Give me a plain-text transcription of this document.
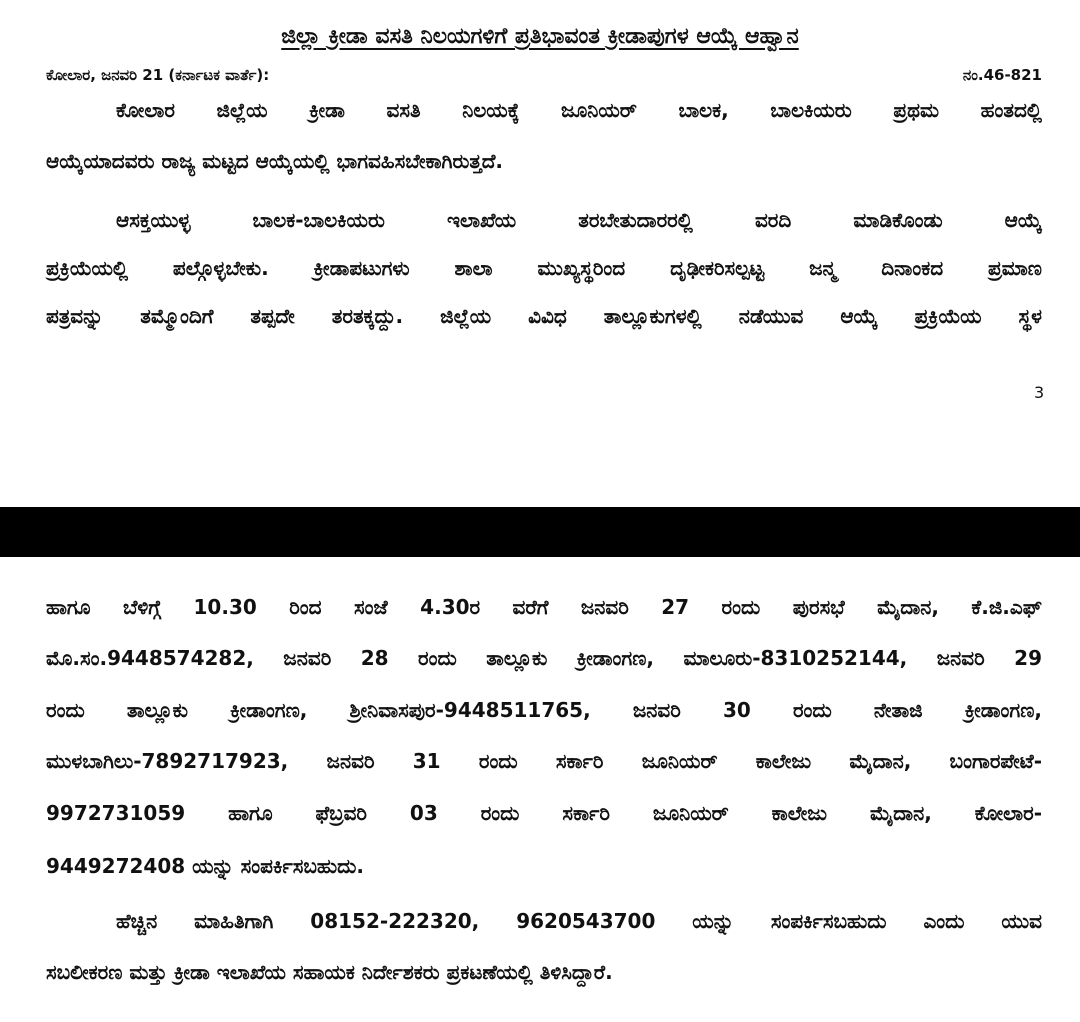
ಜಿಲ್ಲಾ ಕ್ರೀಡಾ ವಸತಿ ನಿಲಯಗಳಿಗೆ ಪ್ರತಿಭಾವಂತ ಕ್ರೀಡಾಪುಗಳ ಆಯ್ಕೆ ಆಹ್ವಾನ
ಕೋಲಾರ, ಜನವರಿ 21 (ಕರ್ನಾಟಕ ವಾರ್ತೆ):	ನಂ.46-821
ಕೋಲಾರ ಜಿಲ್ಲೆಯ ಕ್ರೀಡಾ ವಸತಿ ನಿಲಯಕ್ಕೆ ಜೂನಿಯರ್ ಬಾಲಕ, ಬಾಲಕಿಯರು ಪ್ರಥಮ ಹಂತದಲ್ಲಿ
ಆಯ್ಕೆಯಾದವರು ರಾಜ್ಯ ಮಟ್ಟದ ಆಯ್ಕೆಯಲ್ಲಿ ಭಾಗವಹಿಸಬೇಕಾಗಿರುತ್ತದೆ.
ಆಸಕ್ತಯುಳ್ಳ ಬಾಲಕ-ಬಾಲಕಿಯರು ಇಲಾಖೆಯ ತರಬೇತುದಾರರಲ್ಲಿ ವರದಿ ಮಾಡಿಕೊಂಡು ಆಯ್ಕೆ
ಪ್ರಕ್ರಿಯೆಯಲ್ಲಿ ಪಲ್ಗೊಳ್ಳಬೇಕು. ಕ್ರೀಡಾಪಟುಗಳು ಶಾಲಾ ಮುಖ್ಯಸ್ಥರಿಂದ ದೃಢೀಕರಿಸಲ್ಪಟ್ಟ ಜನ್ಮ ದಿನಾಂಕದ ಪ್ರಮಾಣ
ಪತ್ರವನ್ನು ತಮ್ಮೊಂದಿಗೆ ತಪ್ಪದೇ ತರತಕ್ಕದ್ದು. ಜಿಲ್ಲೆಯ ವಿವಿಧ ತಾಲ್ಲೂಕುಗಳಲ್ಲಿ ನಡೆಯುವ ಆಯ್ಕೆ ಪ್ರಕ್ರಿಯೆಯ ಸ್ಥಳ
3
ಹಾಗೂ ಬೆಳಿಗ್ಗೆ 10.30 ರಿಂದ ಸಂಜೆ 4.30ರ ವರೆಗೆ ಜನವರಿ 27 ರಂದು ಪುರಸಭೆ ಮೈದಾನ, ಕೆ.ಜಿ.ಎಫ್
ಮೊ.ಸಂ.9448574282, ಜನವರಿ 28 ರಂದು ತಾಲ್ಲೂಕು ಕ್ರೀಡಾಂಗಣ, ಮಾಲೂರು-8310252144, ಜನವರಿ 29
ರಂದು ತಾಲ್ಲೂಕು ಕ್ರೀಡಾಂಗಣ, ಶ್ರೀನಿವಾಸಪುರ-9448511765, ಜನವರಿ 30 ರಂದು ನೇತಾಜಿ ಕ್ರೀಡಾಂಗಣ,
ಮುಳಬಾಗಿಲು-7892717923, ಜನವರಿ 31 ರಂದು ಸರ್ಕಾರಿ ಜೂನಿಯರ್ ಕಾಲೇಜು ಮೈದಾನ, ಬಂಗಾರಪೇಟೆ-
9972731059 ಹಾಗೂ ಫೆಬ್ರವರಿ 03 ರಂದು ಸರ್ಕಾರಿ ಜೂನಿಯರ್ ಕಾಲೇಜು ಮೈದಾನ, ಕೋಲಾರ-
9449272408 ಯನ್ನು ಸಂಪರ್ಕಿಸಬಹುದು.
ಹೆಚ್ಚಿನ ಮಾಹಿತಿಗಾಗಿ 08152-222320, 9620543700 ಯನ್ನು ಸಂಪರ್ಕಿಸಬಹುದು ಎಂದು ಯುವ
ಸಬಲೀಕರಣ ಮತ್ತು ಕ್ರೀಡಾ ಇಲಾಖೆಯ ಸಹಾಯಕ ನಿರ್ದೇಶಕರು ಪ್ರಕಟಣೆಯಲ್ಲಿ ತಿಳಿಸಿದ್ದಾರೆ.
